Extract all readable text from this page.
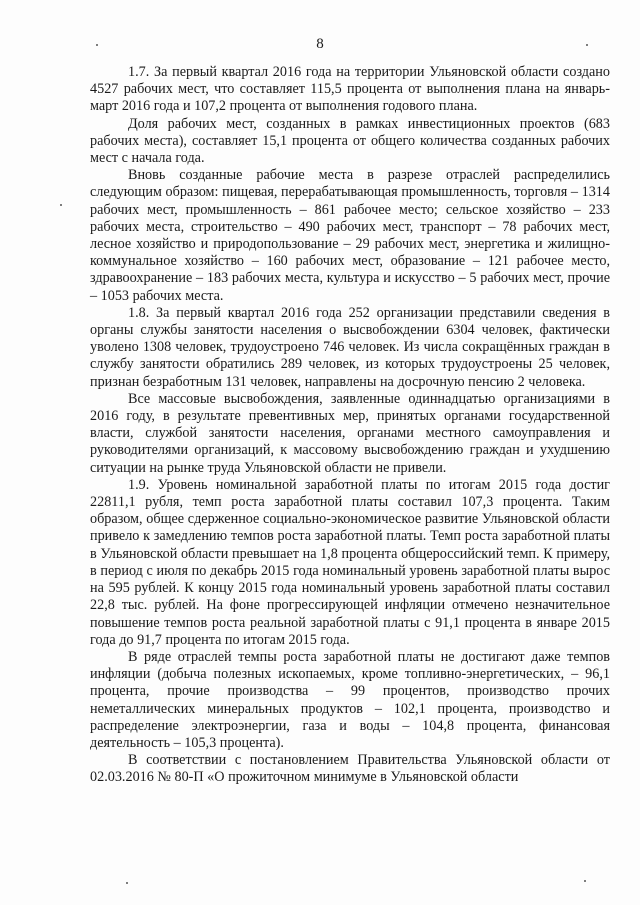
8

1.7. За первый квартал 2016 года на территории Ульяновской области создано 4527 рабочих мест, что составляет 115,5 процента от выполнения плана на январь-март 2016 года и 107,2 процента от выполнения годового плана.

Доля рабочих мест, созданных в рамках инвестиционных проектов (683 рабочих места), составляет 15,1 процента от общего количества созданных рабочих мест с начала года.

Вновь созданные рабочие места в разрезе отраслей распределились следующим образом: пищевая, перерабатывающая промышленность, торговля – 1314 рабочих мест, промышленность – 861 рабочее место; сельское хозяйство – 233 рабочих места, строительство – 490 рабочих мест, транспорт – 78 рабочих мест, лесное хозяйство и природопользование – 29 рабочих мест, энергетика и жилищно-коммунальное хозяйство – 160 рабочих мест, образование – 121 рабочее место, здравоохранение – 183 рабочих места, культура и искусство – 5 рабочих мест, прочие – 1053 рабочих места.

1.8. За первый квартал 2016 года 252 организации представили сведения в органы службы занятости населения о высвобождении 6304 человек, фактически уволено 1308 человек, трудоустроено 746 человек. Из числа сокращённых граждан в службу занятости обратились 289 человек, из которых трудоустроены 25 человек, признан безработным 131 человек, направлены на досрочную пенсию 2 человека.

Все массовые высвобождения, заявленные одиннадцатью организациями в 2016 году, в результате превентивных мер, принятых органами государственной власти, службой занятости населения, органами местного самоуправления и руководителями организаций, к массовому высвобождению граждан и ухудшению ситуации на рынке труда Ульяновской области не привели.

1.9. Уровень номинальной заработной платы по итогам 2015 года достиг 22811,1 рубля, темп роста заработной платы составил 107,3 процента. Таким образом, общее сдерженное социально-экономическое развитие Ульяновской области привело к замедлению темпов роста заработной платы. Темп роста заработной платы в Ульяновской области превышает на 1,8 процента общероссийский темп. К примеру, в период с июля по декабрь 2015 года номинальный уровень заработной платы вырос на 595 рублей. К концу 2015 года номинальный уровень заработной платы составил 22,8 тыс. рублей. На фоне прогрессирующей инфляции отмечено незначительное повышение темпов роста реальной заработной платы с 91,1 процента в январе 2015 года до 91,7 процента по итогам 2015 года.

В ряде отраслей темпы роста заработной платы не достигают даже темпов инфляции (добыча полезных ископаемых, кроме топливно-энергетических, – 96,1 процента, прочие производства – 99 процентов, производство прочих неметаллических минеральных продуктов – 102,1 процента, производство и распределение электроэнергии, газа и воды – 104,8 процента, финансовая деятельность – 105,3 процента).

В соответствии с постановлением Правительства Ульяновской области от 02.03.2016 № 80-П «О прожиточном минимуме в Ульяновской области
